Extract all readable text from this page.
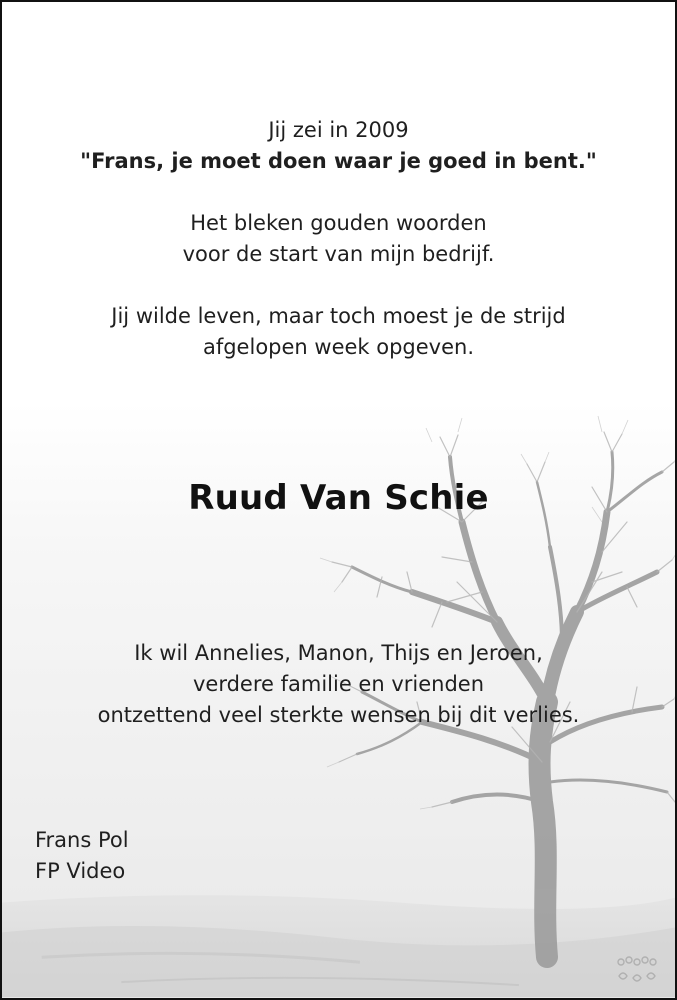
Jij zei in 2009
"Frans, je moet doen waar je goed in bent."
Het bleken gouden woorden
voor de start van mijn bedrijf.
Jij wilde leven, maar toch moest je de strijd
afgelopen week opgeven.
Ruud Van Schie
Ik wil Annelies, Manon, Thijs en Jeroen,
verdere familie en vrienden
ontzettend veel sterkte wensen bij dit verlies.
Frans Pol
FP Video
